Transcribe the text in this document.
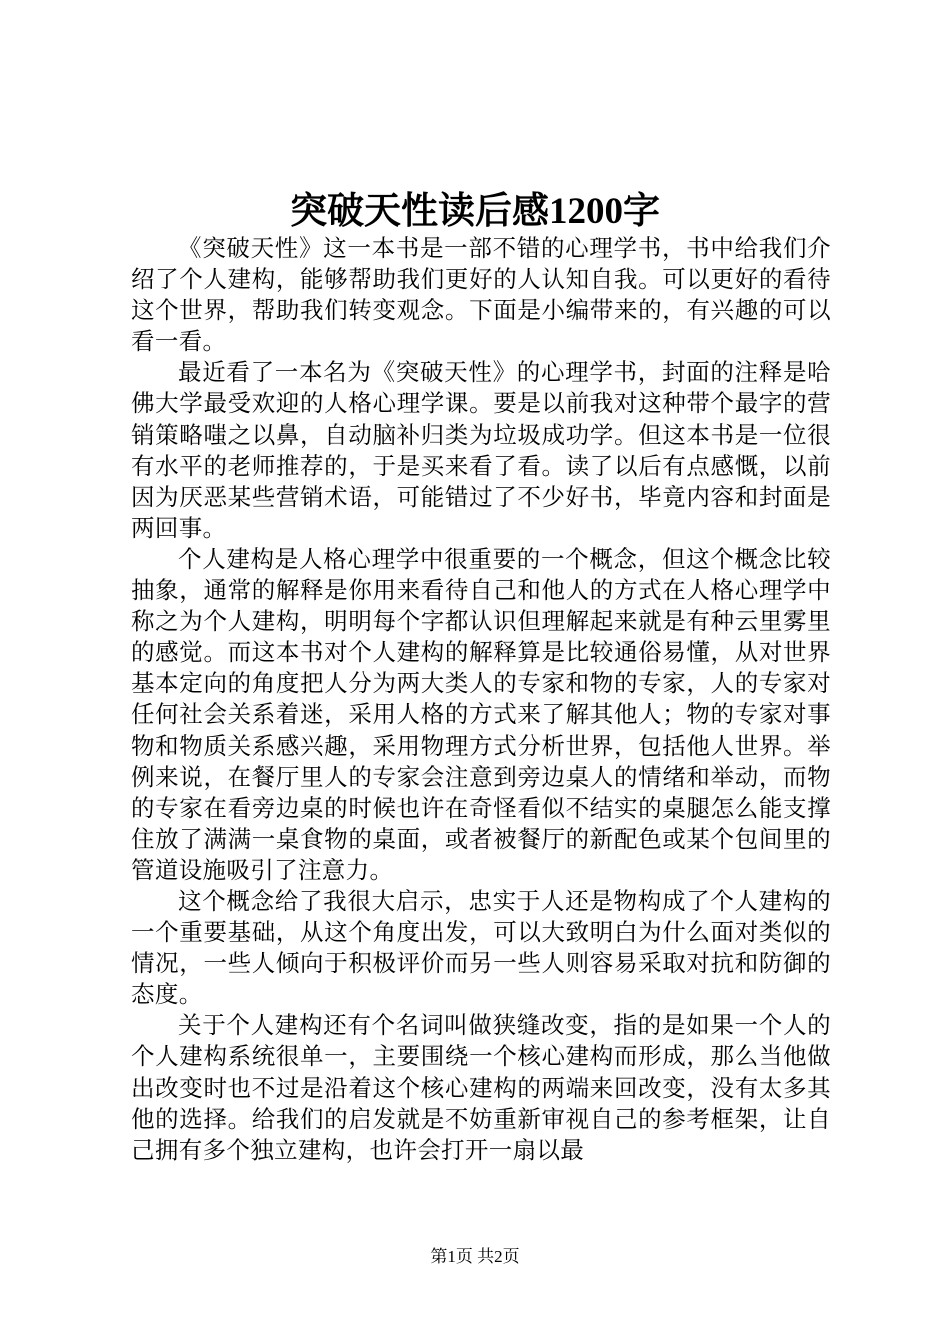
突破天性读后感1200字

《突破天性》这一本书是一部不错的心理学书，书中给我们介绍了个人建构，能够帮助我们更好的人认知自我。可以更好的看待这个世界，帮助我们转变观念。下面是小编带来的，有兴趣的可以看一看。

最近看了一本名为《突破天性》的心理学书，封面的注释是哈佛大学最受欢迎的人格心理学课。要是以前我对这种带个最字的营销策略嗤之以鼻，自动脑补归类为垃圾成功学。但这本书是一位很有水平的老师推荐的，于是买来看了看。读了以后有点感慨，以前因为厌恶某些营销术语，可能错过了不少好书，毕竟内容和封面是两回事。

个人建构是人格心理学中很重要的一个概念，但这个概念比较抽象，通常的解释是你用来看待自己和他人的方式在人格心理学中称之为个人建构，明明每个字都认识但理解起来就是有种云里雾里的感觉。而这本书对个人建构的解释算是比较通俗易懂，从对世界基本定向的角度把人分为两大类人的专家和物的专家，人的专家对任何社会关系着迷，采用人格的方式来了解其他人；物的专家对事物和物质关系感兴趣，采用物理方式分析世界，包括他人世界。举例来说，在餐厅里人的专家会注意到旁边桌人的情绪和举动，而物的专家在看旁边桌的时候也许在奇怪看似不结实的桌腿怎么能支撑住放了满满一桌食物的桌面，或者被餐厅的新配色或某个包间里的管道设施吸引了注意力。

这个概念给了我很大启示，忠实于人还是物构成了个人建构的一个重要基础，从这个角度出发，可以大致明白为什么面对类似的情况，一些人倾向于积极评价而另一些人则容易采取对抗和防御的态度。

关于个人建构还有个名词叫做狭缝改变，指的是如果一个人的个人建构系统很单一，主要围绕一个核心建构而形成，那么当他做出改变时也不过是沿着这个核心建构的两端来回改变，没有太多其他的选择。给我们的启发就是不妨重新审视自己的参考框架，让自己拥有多个独立建构，也许会打开一扇以最

第1页 共2页
